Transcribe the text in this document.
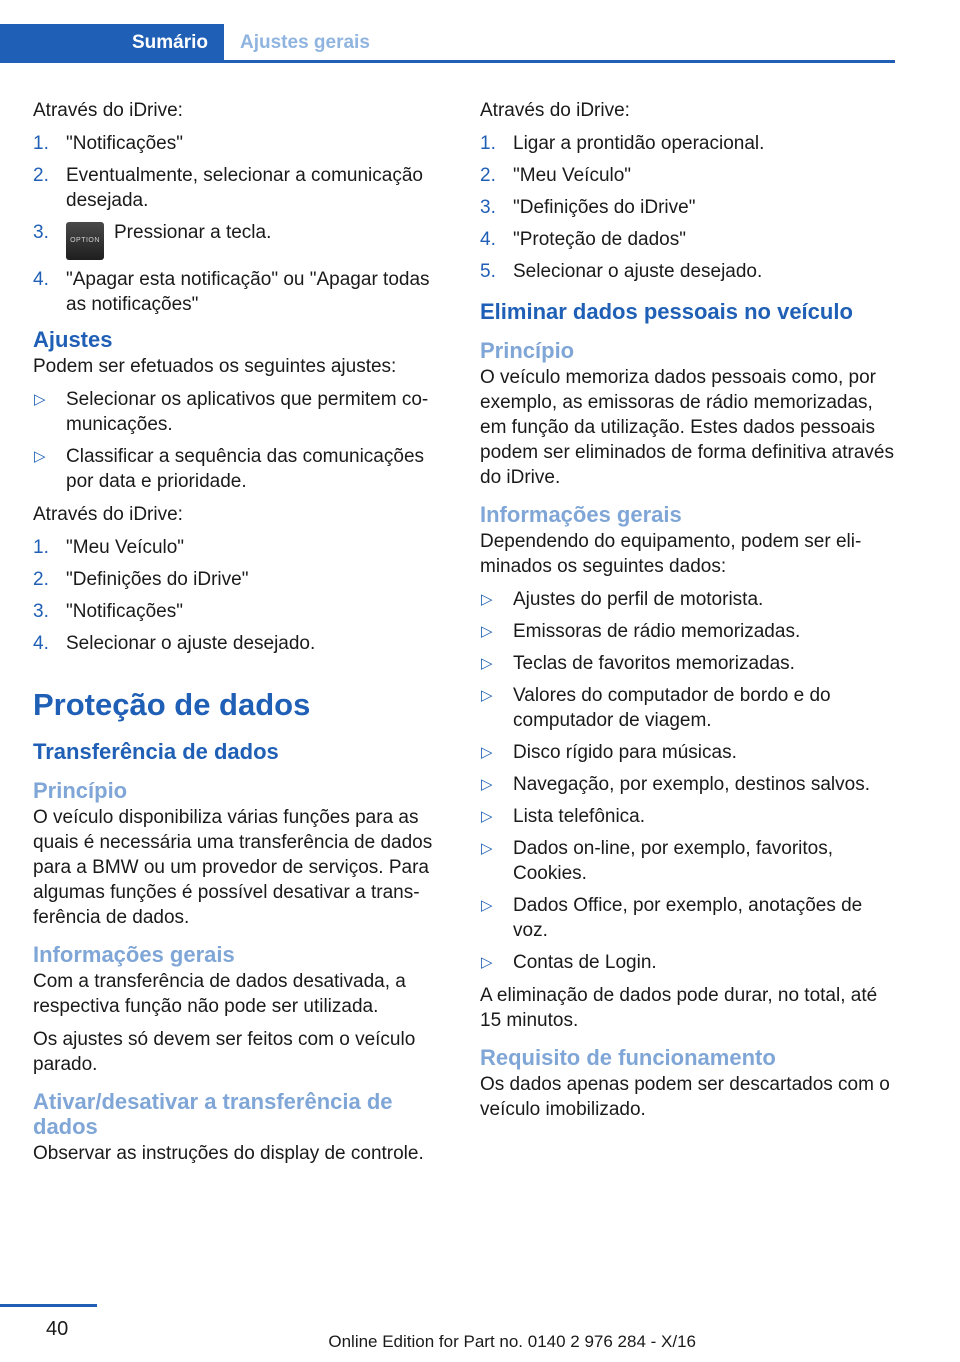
Sumário	Ajustes gerais

Através do iDrive:

1. "Notificações"
2. Eventualmente, selecionar a comunicação desejada.
3.	OPTION Pressionar a tecla.
4. "Apagar esta notificação" ou "Apagar todas as notificações"
Ajustes

Podem ser efetuados os seguintes ajustes:

▷ Selecionar os aplicativos que permitem comunicações.
▷ Classificar a sequência das comunicações por data e prioridade.

Através do iDrive:

1. "Meu Veículo"
2. "Definições do iDrive"
3. "Notificações"
4. Selecionar o ajuste desejado.
Proteção de dados
Transferência de dados
Princípio

O veículo disponibiliza várias funções para as quais é necessária uma transferência de dados para a BMW ou um provedor de serviços. Para algumas funções é possível desativar a transferência de dados.

Informações gerais

Com a transferência de dados desativada, a respectiva função não pode ser utilizada.

Os ajustes só devem ser feitos com o veículo parado.

Ativar/desativar a transferência de dados

Observar as instruções do display de controle.

Através do iDrive:

1. Ligar a prontidão operacional.
2. "Meu Veículo"
3. "Definições do iDrive"
4. "Proteção de dados"
5. Selecionar o ajuste desejado.
Eliminar dados pessoais no veículo
Princípio

O veículo memoriza dados pessoais como, por exemplo, as emissoras de rádio memorizadas, em função da utilização. Estes dados pessoais podem ser eliminados de forma definitiva através do iDrive.

Informações gerais

Dependendo do equipamento, podem ser eliminados os seguintes dados:

▷ Ajustes do perfil de motorista.
▷ Emissoras de rádio memorizadas.
▷ Teclas de favoritos memorizadas.
▷ Valores do computador de bordo e do computador de viagem.
▷ Disco rígido para músicas.
▷ Navegação, por exemplo, destinos salvos.
▷ Lista telefônica.
▷ Dados on-line, por exemplo, favoritos, Cookies.
▷ Dados Office, por exemplo, anotações de voz.
▷ Contas de Login.

A eliminação de dados pode durar, no total, até 15 minutos.

Requisito de funcionamento

Os dados apenas podem ser descartados com o veículo imobilizado.

40
Online Edition for Part no. 0140 2 976 284 - X/16
